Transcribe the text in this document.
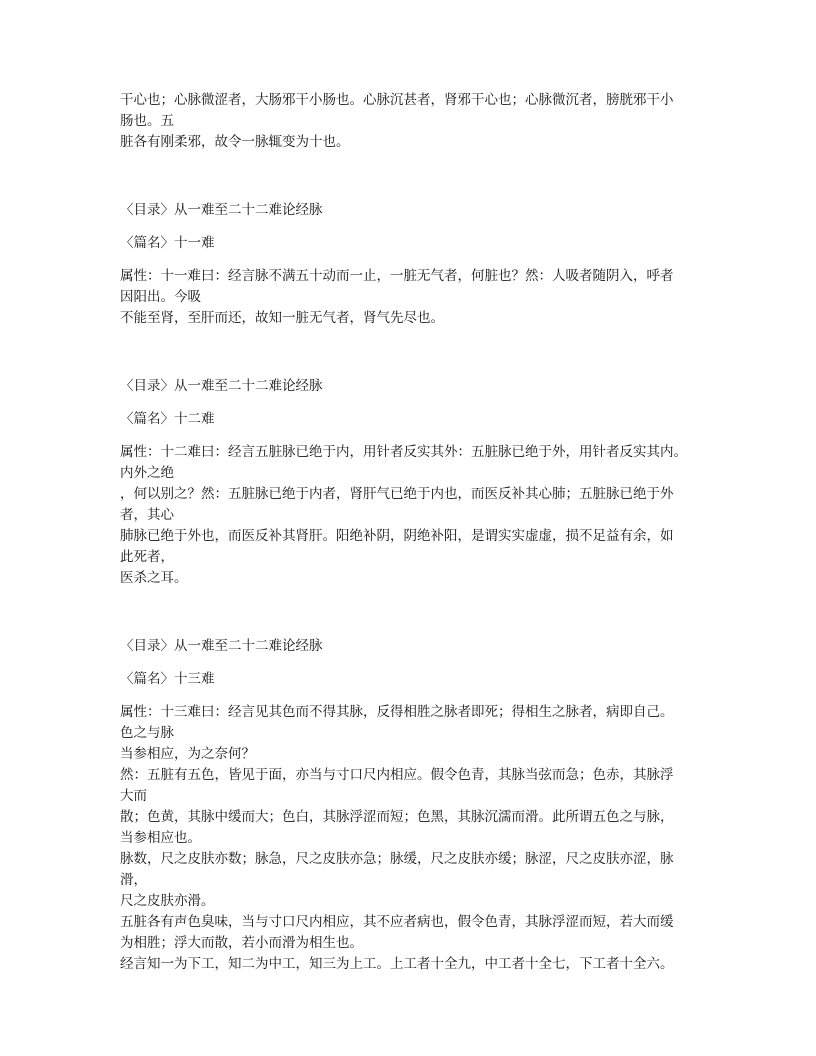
干心也；心脉微涩者，大肠邪干小肠也。心脉沉甚者，肾邪干心也；心脉微沉者，膀胱邪干小
肠也。五
脏各有刚柔邪，故令一脉辄变为十也。
〈目录〉从一难至二十二难论经脉
〈篇名〉十一难
属性：十一难曰：经言脉不满五十动而一止，一脏无气者，何脏也？然：人吸者随阴入，呼者
因阳出。今吸
不能至肾，至肝而还，故知一脏无气者，肾气先尽也。
〈目录〉从一难至二十二难论经脉
〈篇名〉十二难
属性：十二难曰：经言五脏脉已绝于内，用针者反实其外：五脏脉已绝于外，用针者反实其内。
内外之绝
，何以别之？然：五脏脉已绝于内者，肾肝气已绝于内也，而医反补其心肺；五脏脉已绝于外
者，其心
肺脉已绝于外也，而医反补其肾肝。阳绝补阴，阴绝补阳，是谓实实虚虚，损不足益有余，如
此死者，
医杀之耳。
〈目录〉从一难至二十二难论经脉
〈篇名〉十三难
属性：十三难曰：经言见其色而不得其脉，反得相胜之脉者即死；得相生之脉者，病即自己。
色之与脉
当参相应，为之奈何？
然：五脏有五色，皆见于面，亦当与寸口尺内相应。假令色青，其脉当弦而急；色赤，其脉浮
大而
散；色黄，其脉中缓而大；色白，其脉浮涩而短；色黑，其脉沉濡而滑。此所谓五色之与脉，
当参相应也。
脉数，尺之皮肤亦数；脉急，尺之皮肤亦急；脉缓，尺之皮肤亦缓；脉涩，尺之皮肤亦涩，脉
滑，
尺之皮肤亦滑。
五脏各有声色臭味，当与寸口尺内相应，其不应者病也，假令色青，其脉浮涩而短，若大而缓
为相胜；浮大而散，若小而滑为相生也。
经言知一为下工，知二为中工，知三为上工。上工者十全九，中工者十全七，下工者十全六。
